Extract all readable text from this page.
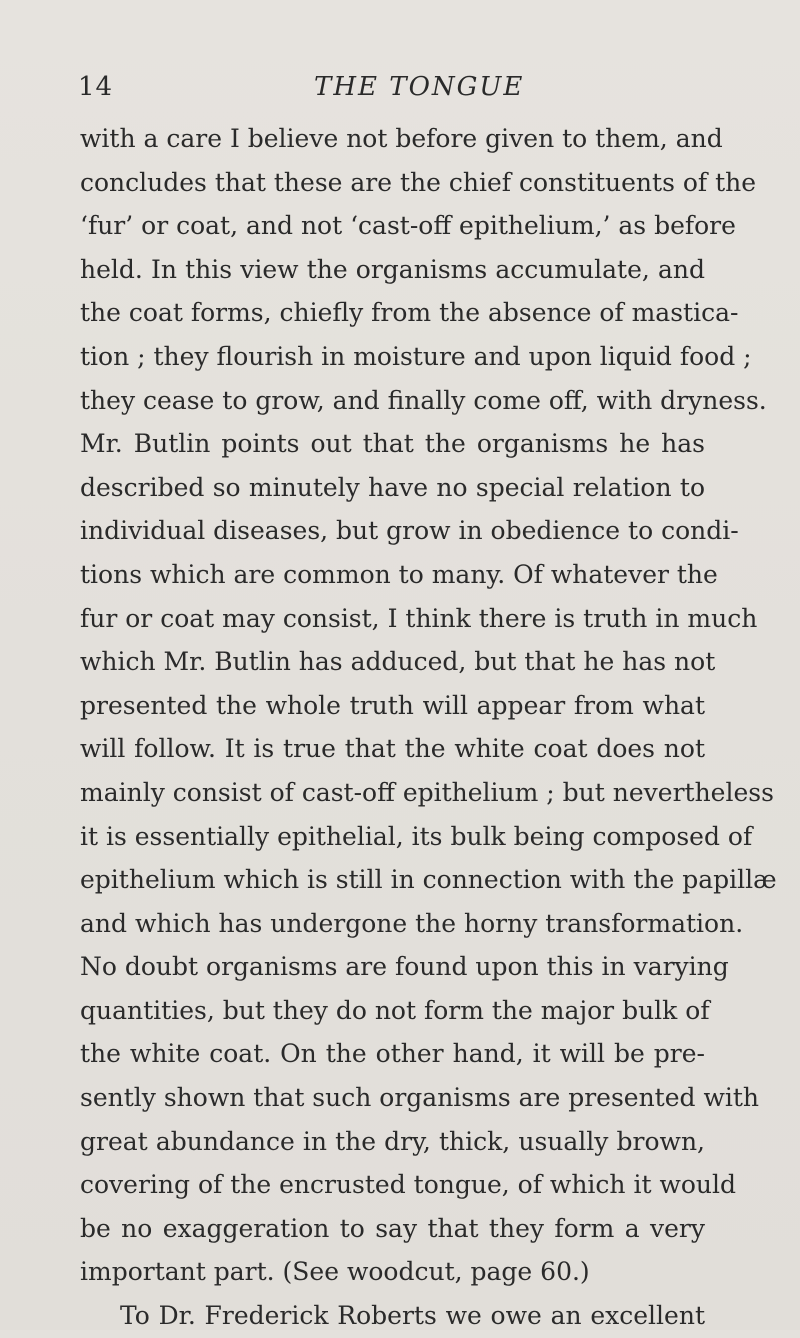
14	THE TONGUE
with a care I believe not before given to them, and
concludes that these are the chief constituents of the
‘fur’ or coat, and not ‘cast-off epithelium,’ as before
held. In this view the organisms accumulate, and
the coat forms, chiefly from the absence of mastica-
tion ; they flourish in moisture and upon liquid food ;
they cease to grow, and finally come off, with dryness.
Mr. Butlin points out that the organisms he has
described so minutely have no special relation to
individual diseases, but grow in obedience to condi-
tions which are common to many. Of whatever the
fur or coat may consist, I think there is truth in much
which Mr. Butlin has adduced, but that he has not
presented the whole truth will appear from what
will follow. It is true that the white coat does not
mainly consist of cast-off epithelium ; but nevertheless
it is essentially epithelial, its bulk being composed of
epithelium which is still in connection with the papillæ
and which has undergone the horny transformation.
No doubt organisms are found upon this in varying
quantities, but they do not form the major bulk of
the white coat. On the other hand, it will be pre-
sently shown that such organisms are presented with
great abundance in the dry, thick, usually brown,
covering of the encrusted tongue, of which it would
be no exaggeration to say that they form a very
important part. (See woodcut, page 60.)
To Dr. Frederick Roberts we owe an excellent
